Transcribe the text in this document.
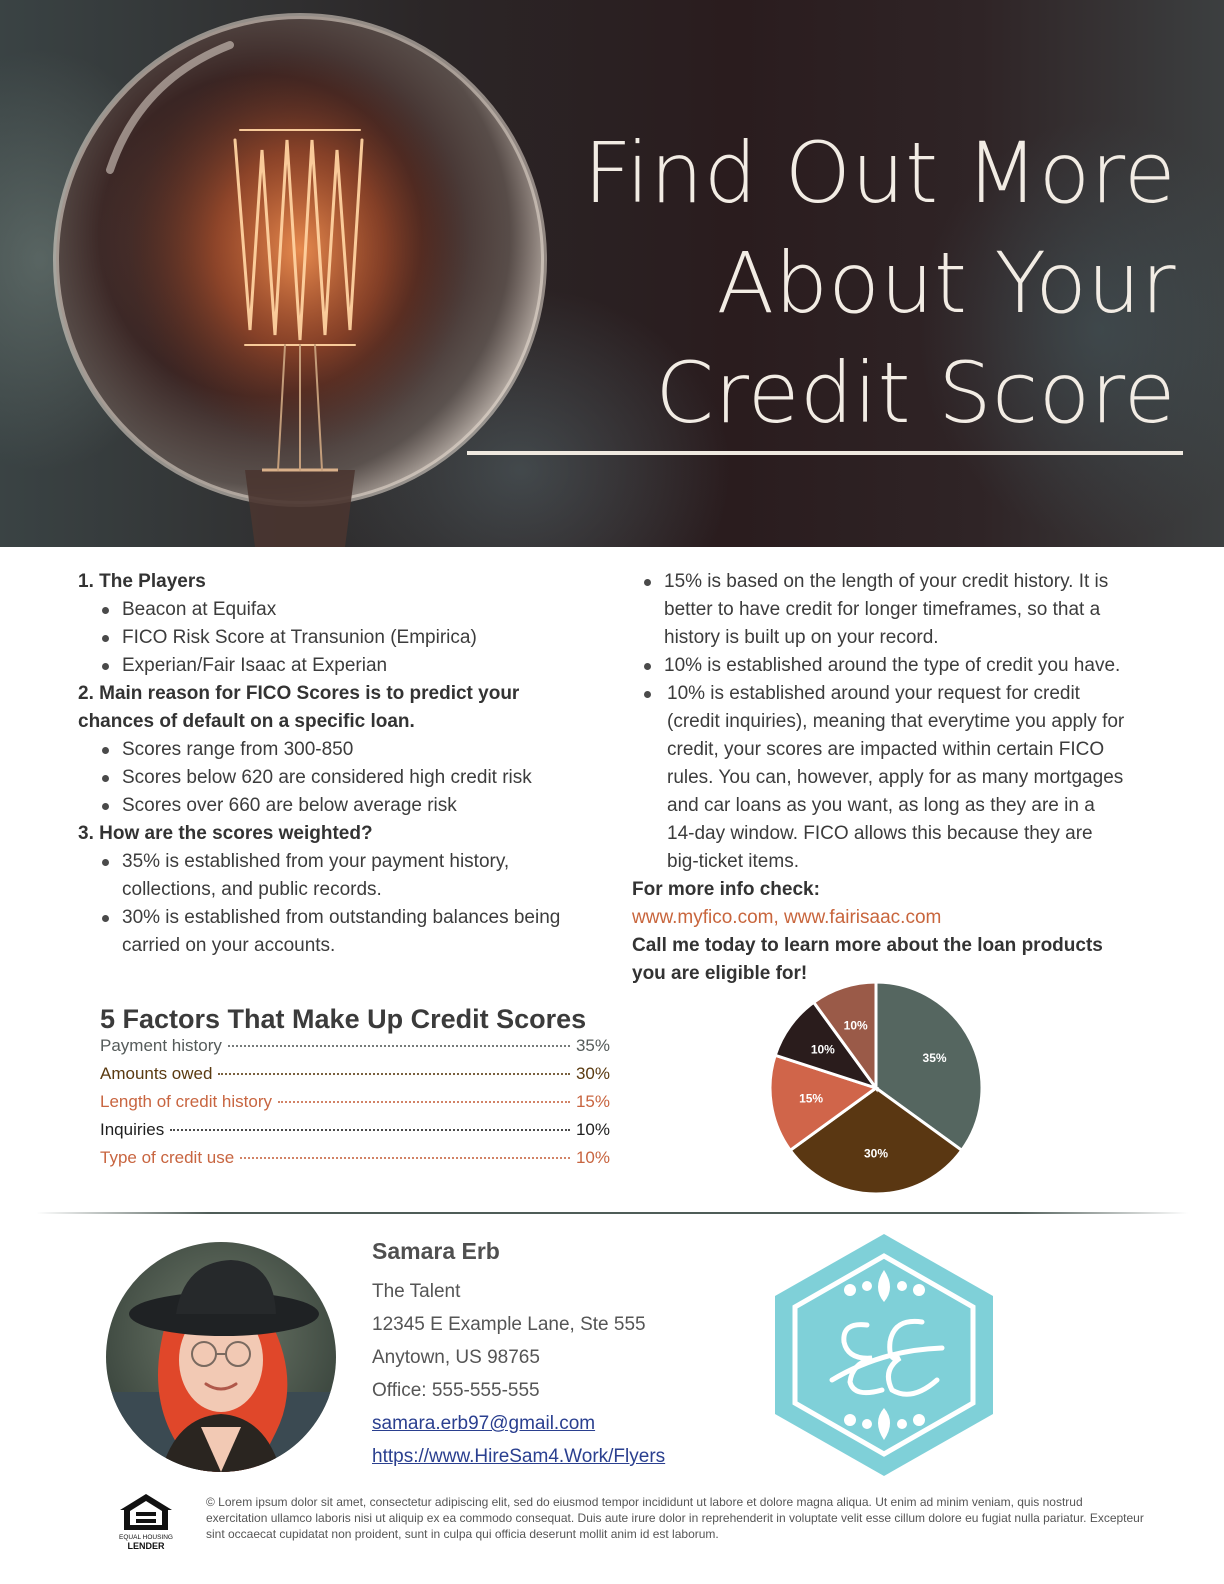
Find Out More
About Your
Credit Score
1. The Players
Beacon at Equifax
FICO Risk Score at Transunion (Empirica)
Experian/Fair Isaac at Experian
2. Main reason for FICO Scores is to predict your
chances of default on a specific loan.
Scores range from 300-850
Scores below 620 are considered high credit risk
Scores over 660 are below average risk
3. How are the scores weighted?
35% is established from your payment history,
collections, and public records.
30% is established from outstanding balances being
carried on your accounts.
15% is based on the length of your credit history. It is
better to have credit for longer timeframes, so that a
history is built up on your record.
10% is established around the type of credit you have.
10% is established around your request for credit
(credit inquiries), meaning that everytime you apply for
credit, your scores are impacted within certain FICO
rules. You can, however, apply for as many mortgages
and car loans as you want, as long as they are in a
14-day window. FICO allows this because they are
big-ticket items.
For more info check:
www.myfico.com, www.fairisaac.com
Call me today to learn more about the loan products
you are eligible for!
5 Factors That Make Up Credit Scores
Payment history	35%
Amounts owed	30%
Length of credit history	15%
Inquiries	10%
Type of credit use	10%
35%
30%
15%
10%
10%
Samara Erb
The Talent
12345 E Example Lane, Ste 555
Anytown, US 98765
Office: 555-555-555
samara.erb97@gmail.com
https://www.HireSam4.Work/Flyers
EQUAL HOUSING
LENDER
© Lorem ipsum dolor sit amet, consectetur adipiscing elit, sed do eiusmod tempor incididunt ut labore et dolore magna aliqua. Ut enim ad minim veniam, quis nostrud exercitation ullamco laboris nisi ut aliquip ex ea commodo consequat. Duis aute irure dolor in reprehenderit in voluptate velit esse cillum dolore eu fugiat nulla pariatur. Excepteur sint occaecat cupidatat non proident, sunt in culpa qui officia deserunt mollit anim id est laborum.
